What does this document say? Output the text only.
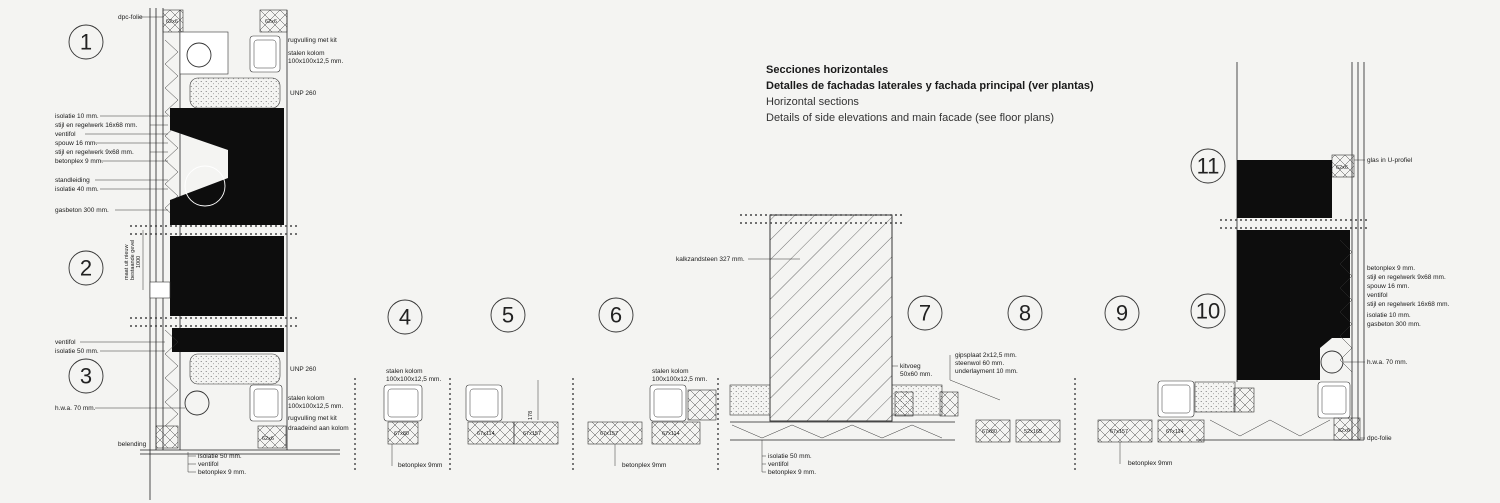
Secciones horizontales
Detalles de fachadas laterales y fachada principal (ver plantas)
Horizontal sections
Details of side elevations and main facade (see floor plans)
62x6	62x6
62x6
maat uit nieuw bestaande gevel 1000
dpc-folie
rugvulling met kit
stalen kolom
100x100x12,5 mm.
UNP 260
isolatie 10 mm.
stijl en regelwerk 16x68 mm.
ventifol
spouw 16 mm.
stijl en regelwerk 9x68 mm.
betonplex 9 mm.
standleiding
isolatie 40 mm.
gasbeton 300 mm.
ventifol
isolatie 50 mm.
UNP 260
stalen kolom
100x100x12,5 mm.
h.w.a. 70 mm.
rugvulling met kit
draadeind aan kolom
belending
isolatie 50 mm.
ventifol
betonplex 9 mm.
67x80
stalen kolom
100x100x12,5 mm.
betonplex 9mm
67x114	67x157
178
67x157	67x114
stalen kolom
100x100x12,5 mm.
betonplex 9mm
kalkzandsteen 327 mm.
kitvoeg
50x60 mm.
isolatie 50 mm.
ventifol
betonplex 9 mm.
gipsplaat 2x12,5 mm.
steenwol 60 mm.
underlayment 10 mm.
67x80	52x165	67x157	67x114
betonplex 9mm
62x6
62x6
glas in U-profiel
betonplex 9 mm.
stijl en regelwerk 9x68 mm.
spouw 16 mm.
ventifol
stijl en regelwerk 16x68 mm.
isolatie 10 mm.
gasbeton 300 mm.
h.w.a. 70 mm.
dpc-folie
1
2
3
4	5	6	7	8	9	10
11
